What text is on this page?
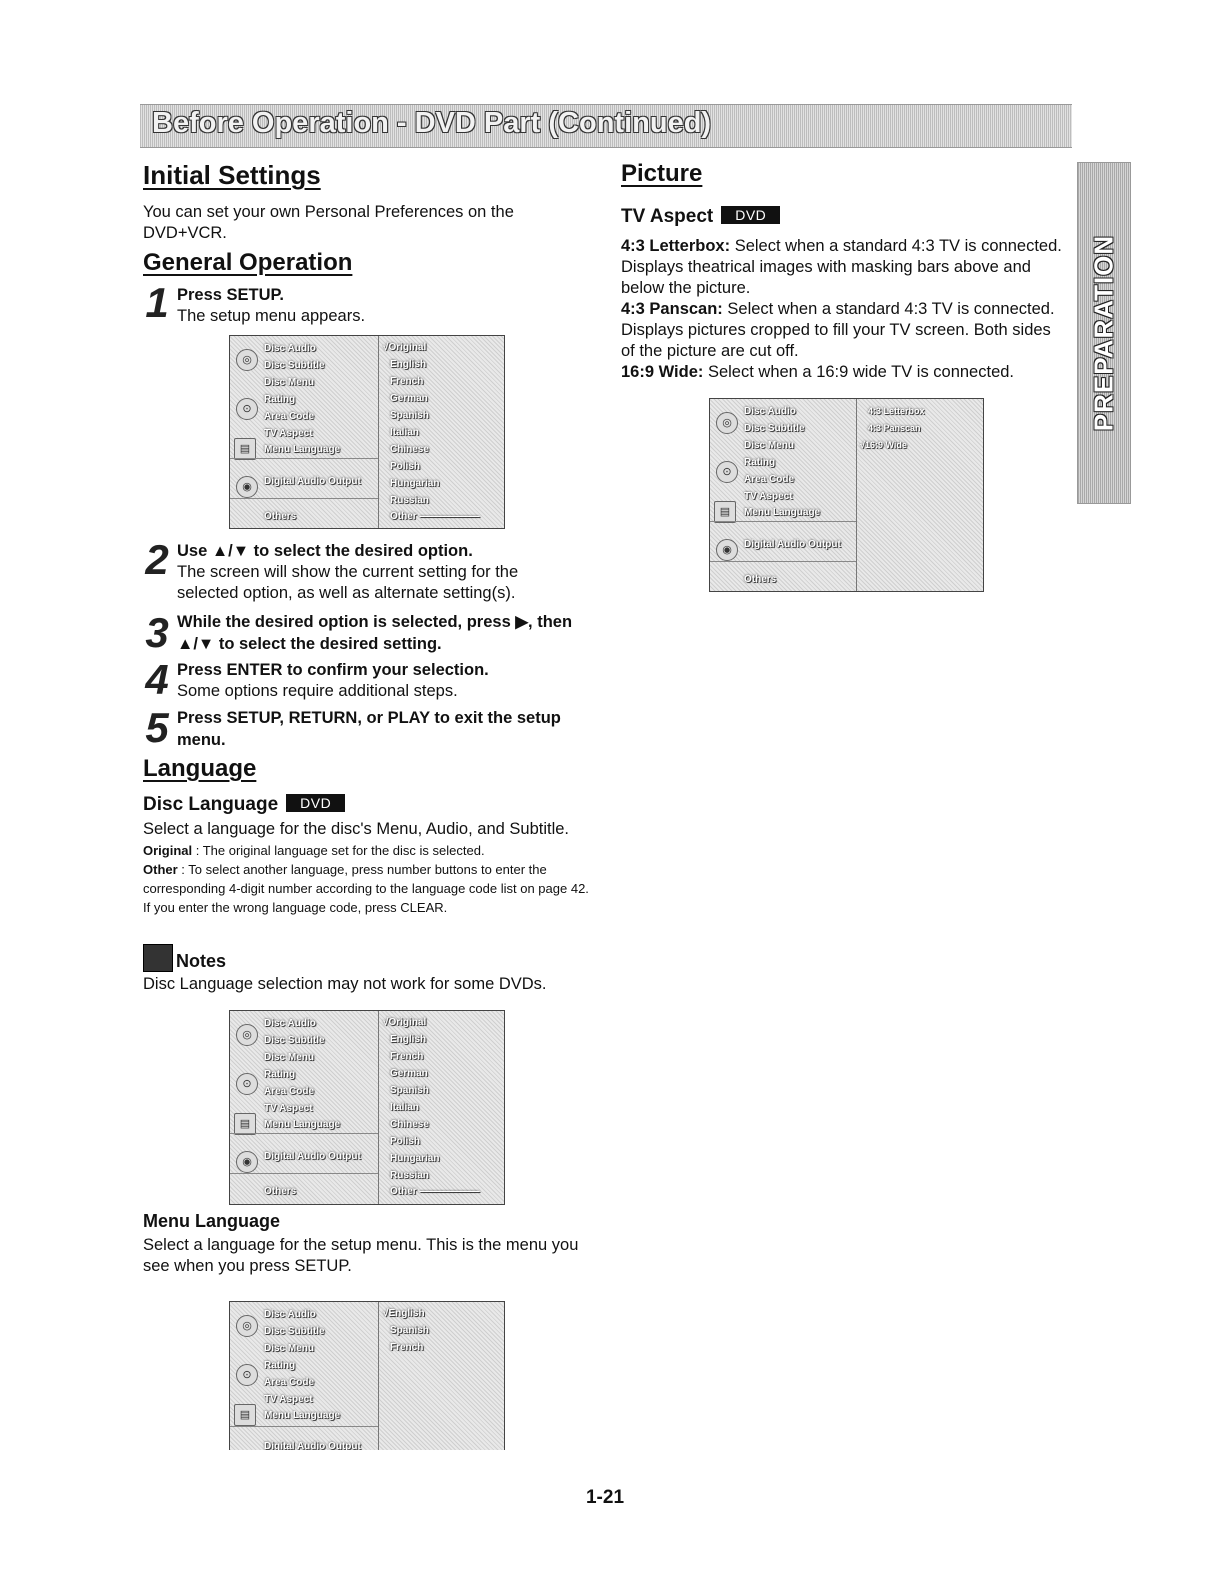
Before Operation - DVD Part (Continued)
PREPARATION
Initial Settings
You can set your own Personal Preferences on the DVD+VCR.
General Operation
1 Press SETUP.
The setup menu appears.
◎
⊙
▤
◉
Disc Audio
Disc Subtitle
Disc Menu
Rating
Area Code
TV Aspect
Menu Language
Digital Audio Output
Others
√Original
English
French
German
Spanish
Italian
Chinese
Polish
Hungarian
Russian
Other ——————
2 Use ▲/▼ to select the desired option.
The screen will show the current setting for the selected option, as well as alternate setting(s).
3 While the desired option is selected, press ▶, then ▲/▼ to select the desired setting.
4 Press ENTER to confirm your selection.
Some options require additional steps.
5 Press SETUP, RETURN, or PLAY to exit the setup menu.
Language
Disc Language DVD
Select a language for the disc's Menu, Audio, and Subtitle.
Original : The original language set for the disc is selected.
Other : To select another language, press number buttons to enter the corresponding 4-digit number according to the language code list on page 42. If you enter the wrong language code, press CLEAR.
Notes
Disc Language selection may not work for some DVDs.
◎
⊙
▤
◉
Disc Audio
Disc Subtitle
Disc Menu
Rating
Area Code
TV Aspect
Menu Language
Digital Audio Output
Others
√Original
English
French
German
Spanish
Italian
Chinese
Polish
Hungarian
Russian
Other ——————
Menu Language
Select a language for the setup menu. This is the menu you see when you press SETUP.
◎
⊙
▤
Disc Audio
Disc Subtitle
Disc Menu
Rating
Area Code
TV Aspect
Menu Language
Digital Audio Output
√English
Spanish
French
Picture
TV Aspect DVD
4:3 Letterbox: Select when a standard 4:3 TV is connected. Displays theatrical images with masking bars above and below the picture.
4:3 Panscan: Select when a standard 4:3 TV is connected. Displays pictures cropped to fill your TV screen. Both sides of the picture are cut off.
16:9 Wide: Select when a 16:9 wide TV is connected.
◎
⊙
▤
◉
Disc Audio
Disc Subtitle
Disc Menu
Rating
Area Code
TV Aspect
Menu Language
Digital Audio Output
Others
4:3 Letterbox
4:3 Panscan
√16:9 Wide
1-21
